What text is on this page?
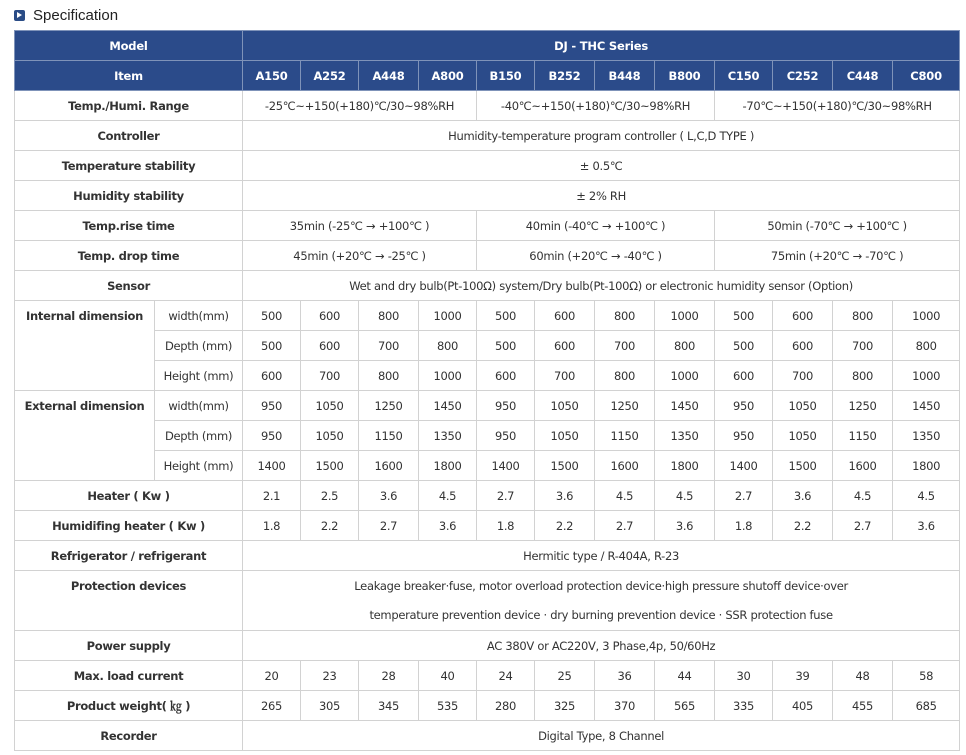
Specification
Model		DJ - THC Series											
Item		A150	A252	A448	A800	B150	B252	B448	B800	C150	C252	C448	C800
Temp./Humi. Range		-25℃~+150(+180)℃/30~98%RH				-40℃~+150(+180)℃/30~98%RH				-70℃~+150(+180)℃/30~98%RH			
Controller		Humidity-temperature program controller ( L,C,D TYPE )											
Temperature stability		± 0.5℃											
Humidity stability		± 2% RH											
Temp.rise time		35min (-25℃ → +100℃ )				40min (-40℃ → +100℃ )				50min (-70℃ → +100℃ )			
Temp. drop time		45min (+20℃ → -25℃ )				60min (+20℃ → -40℃ )				75min (+20℃ → -70℃ )			
Sensor		Wet and dry bulb(Pt-100Ω) system/Dry bulb(Pt-100Ω) or electronic humidity sensor (Option)											
Internal dimension	width(mm)	500	600	800	1000	500	600	800	1000	500	600	800	1000
	Depth (mm)	500	600	700	800	500	600	700	800	500	600	700	800
	Height (mm)	600	700	800	1000	600	700	800	1000	600	700	800	1000
External dimension	width(mm)	950	1050	1250	1450	950	1050	1250	1450	950	1050	1250	1450
	Depth (mm)	950	1050	1150	1350	950	1050	1150	1350	950	1050	1150	1350
	Height (mm)	1400	1500	1600	1800	1400	1500	1600	1800	1400	1500	1600	1800
Heater ( Kw )		2.1	2.5	3.6	4.5	2.7	3.6	4.5	4.5	2.7	3.6	4.5	4.5
Humidifing heater ( Kw )		1.8	2.2	2.7	3.6	1.8	2.2	2.7	3.6	1.8	2.2	2.7	3.6
Refrigerator / refrigerant		Hermitic type / R-404A, R-23											
Protection devices		Leakage breaker·fuse, motor overload protection device·high pressure shutoff device·over
temperature prevention device · dry burning prevention device · SSR protection fuse											

Power supply		AC 380V or AC220V, 3 Phase,4p, 50/60Hz											
Max. load current		20	23	28	40	24	25	36	44	30	39	48	58
Product weight( ㎏ )		265	305	345	535	280	325	370	565	335	405	455	685
Recorder		Digital Type, 8 Channel											
